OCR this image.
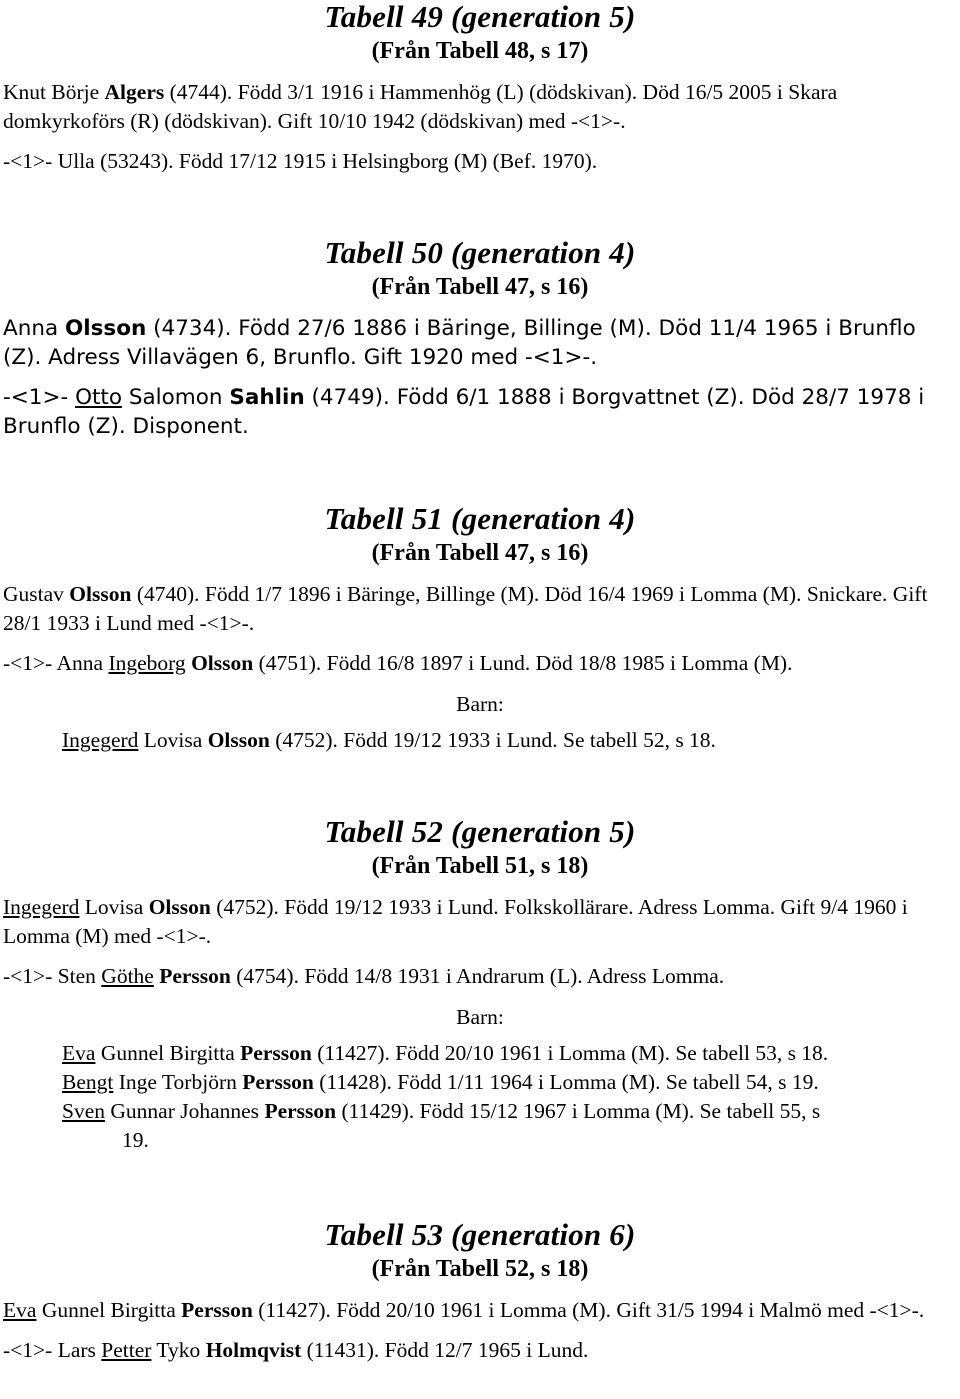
Tabell 49 (generation 5)
(Från Tabell 48, s 17)

Knut Börje Algers (4744). Född 3/1 1916 i Hammenhög (L) (dödskivan). Död 16/5 2005 i Skara domkyrkoförs (R) (dödskivan). Gift 10/10 1942 (dödskivan) med -<1>-.

-<1>- Ulla (53243). Född 17/12 1915 i Helsingborg (M) (Bef. 1970).

Tabell 50 (generation 4)
(Från Tabell 47, s 16)

Anna Olsson (4734). Född 27/6 1886 i Bäringe, Billinge (M). Död 11/4 1965 i Brunflo (Z). Adress Villavägen 6, Brunflo. Gift 1920 med -<1>-.

-<1>- Otto Salomon Sahlin (4749). Född 6/1 1888 i Borgvattnet (Z). Död 28/7 1978 i Brunflo (Z). Disponent.

Tabell 51 (generation 4)
(Från Tabell 47, s 16)

Gustav Olsson (4740). Född 1/7 1896 i Bäringe, Billinge (M). Död 16/4 1969 i Lomma (M). Snickare. Gift 28/1 1933 i Lund med -<1>-.

-<1>- Anna Ingeborg Olsson (4751). Född 16/8 1897 i Lund. Död 18/8 1985 i Lomma (M).

Barn:

Ingegerd Lovisa Olsson (4752). Född 19/12 1933 i Lund. Se tabell 52, s 18.

Tabell 52 (generation 5)
(Från Tabell 51, s 18)

Ingegerd Lovisa Olsson (4752). Född 19/12 1933 i Lund. Folkskollärare. Adress Lomma. Gift 9/4 1960 i Lomma (M) med -<1>-.

-<1>- Sten Göthe Persson (4754). Född 14/8 1931 i Andrarum (L). Adress Lomma.

Barn:

Eva Gunnel Birgitta Persson (11427). Född 20/10 1961 i Lomma (M). Se tabell 53, s 18.

Bengt Inge Torbjörn Persson (11428). Född 1/11 1964 i Lomma (M). Se tabell 54, s 19.

Sven Gunnar Johannes Persson (11429). Född 15/12 1967 i Lomma (M). Se tabell 55, s

19.
Tabell 53 (generation 6)
(Från Tabell 52, s 18)

Eva Gunnel Birgitta Persson (11427). Född 20/10 1961 i Lomma (M). Gift 31/5 1994 i Malmö med -<1>-.

-<1>- Lars Petter Tyko Holmqvist (11431). Född 12/7 1965 i Lund.
